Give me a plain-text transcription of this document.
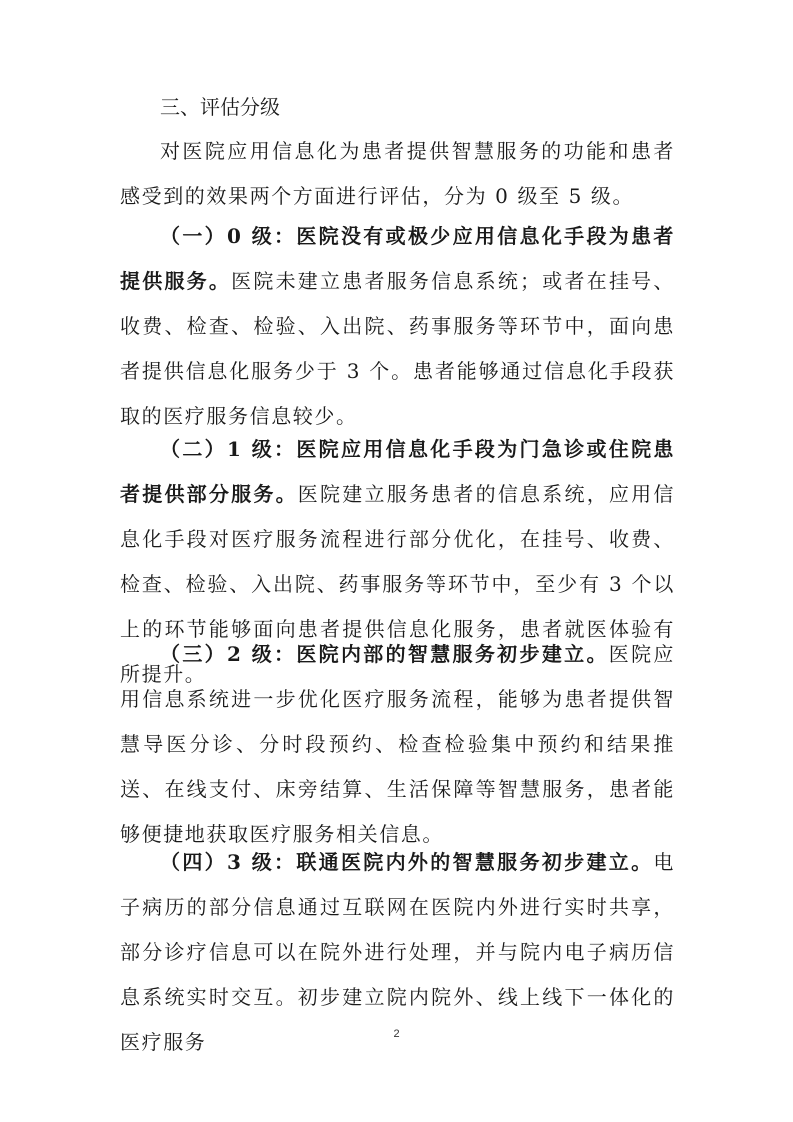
三、评估分级

对医院应用信息化为患者提供智慧服务的功能和患者感受到的效果两个方面进行评估，分为 0 级至 5 级。

（一）0 级：医院没有或极少应用信息化手段为患者提供服务。医院未建立患者服务信息系统；或者在挂号、收费、检查、检验、入出院、药事服务等环节中，面向患者提供信息化服务少于 3 个。患者能够通过信息化手段获取的医疗服务信息较少。

（二）1 级：医院应用信息化手段为门急诊或住院患者提供部分服务。医院建立服务患者的信息系统，应用信息化手段对医疗服务流程进行部分优化，在挂号、收费、检查、检验、入出院、药事服务等环节中，至少有 3 个以上的环节能够面向患者提供信息化服务，患者就医体验有所提升。

（三）2 级：医院内部的智慧服务初步建立。医院应用信息系统进一步优化医疗服务流程，能够为患者提供智慧导医分诊、分时段预约、检查检验集中预约和结果推送、在线支付、床旁结算、生活保障等智慧服务，患者能够便捷地获取医疗服务相关信息。

（四）3 级：联通医院内外的智慧服务初步建立。电子病历的部分信息通过互联网在医院内外进行实时共享，部分诊疗信息可以在院外进行处理，并与院内电子病历信息系统实时交互。初步建立院内院外、线上线下一体化的医疗服务	2
